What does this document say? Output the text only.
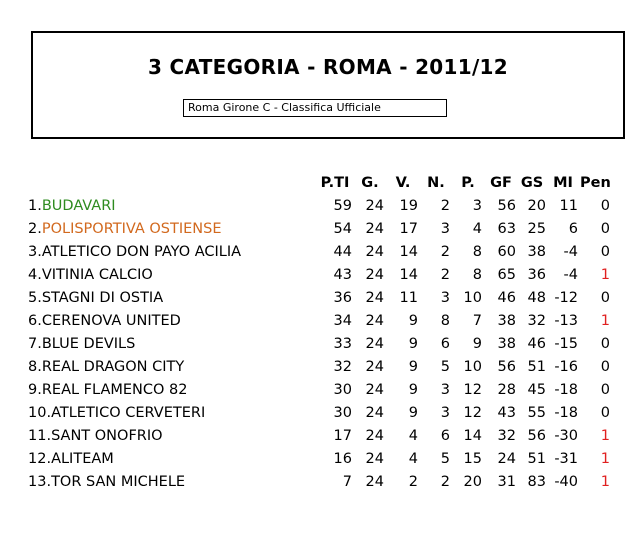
3 CATEGORIA - ROMA - 2011/12
Roma Girone C - Classifica Ufficiale
P.TI G.	V.	N.	P.	GF GS MI Pen
1.BUDAVARI	59 24	19	2	3	56 20 11	0
2.POLISPORTIVA OSTIENSE	54 24	17	3	4	63 25	6	0
3.ATLETICO DON PAYO ACILIA	44 24	14	2	8	60 38	-4	0
4.VITINIA CALCIO	43 24	14	2	8	65 36	-4	1
5.STAGNI DI OSTIA	36 24	11	3 10	46 48 -12	0
6.CERENOVA UNITED	34 24	9	8	7	38 32 -13	1
7.BLUE DEVILS	33 24	9	6	9	38 46 -15	0
8.REAL DRAGON CITY	32 24	9	5 10	56 51 -16	0
9.REAL FLAMENCO 82	30 24	9	3 12	28 45 -18	0
10.ATLETICO CERVETERI	30 24	9	3 12	43 55 -18	0
11.SANT ONOFRIO	17 24	4	6 14	32 56 -30	1
12.ALITEAM	16 24	4	5 15	24 51 -31	1
13.TOR SAN MICHELE	7 24	2	2 20	31 83 -40	1
